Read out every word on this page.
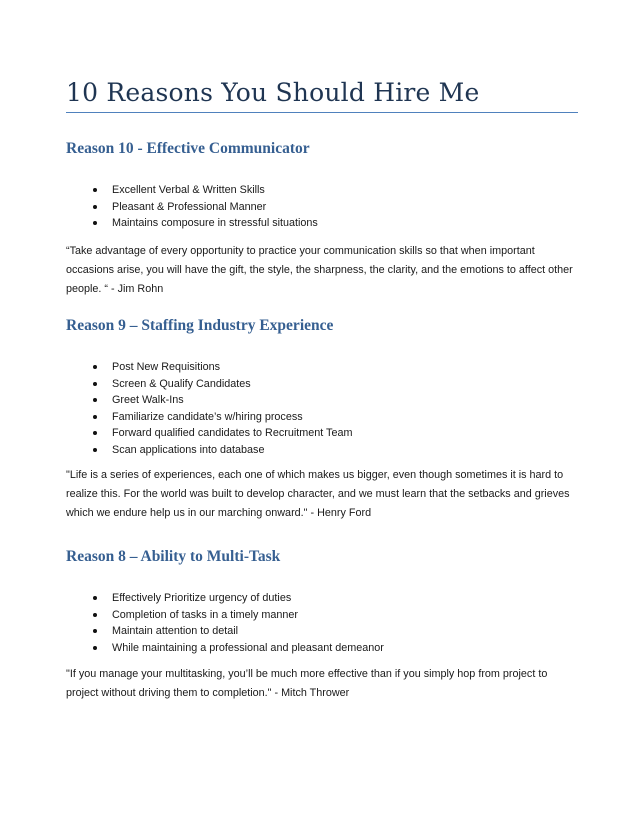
10 Reasons You Should Hire Me
Reason 10 - Effective Communicator
Excellent Verbal & Written Skills
Pleasant & Professional Manner
Maintains composure in stressful situations

“Take advantage of every opportunity to practice your communication skills so that when important occasions arise, you will have the gift, the style, the sharpness, the clarity, and the emotions to affect other people. “ - Jim Rohn

Reason 9 – Staffing Industry Experience
Post New Requisitions
Screen & Qualify Candidates
Greet Walk-Ins
Familiarize candidate’s w/hiring process
Forward qualified candidates to Recruitment Team
Scan applications into database

"Life is a series of experiences, each one of which makes us bigger, even though sometimes it is hard to realize this. For the world was built to develop character, and we must learn that the setbacks and grieves which we endure help us in our marching onward." - Henry Ford

Reason 8 – Ability to Multi-Task
Effectively Prioritize urgency of duties
Completion of tasks in a timely manner
Maintain attention to detail
While maintaining a professional and pleasant demeanor

"If you manage your multitasking, you’ll be much more effective than if you simply hop from project to project without driving them to completion." - Mitch Thrower
